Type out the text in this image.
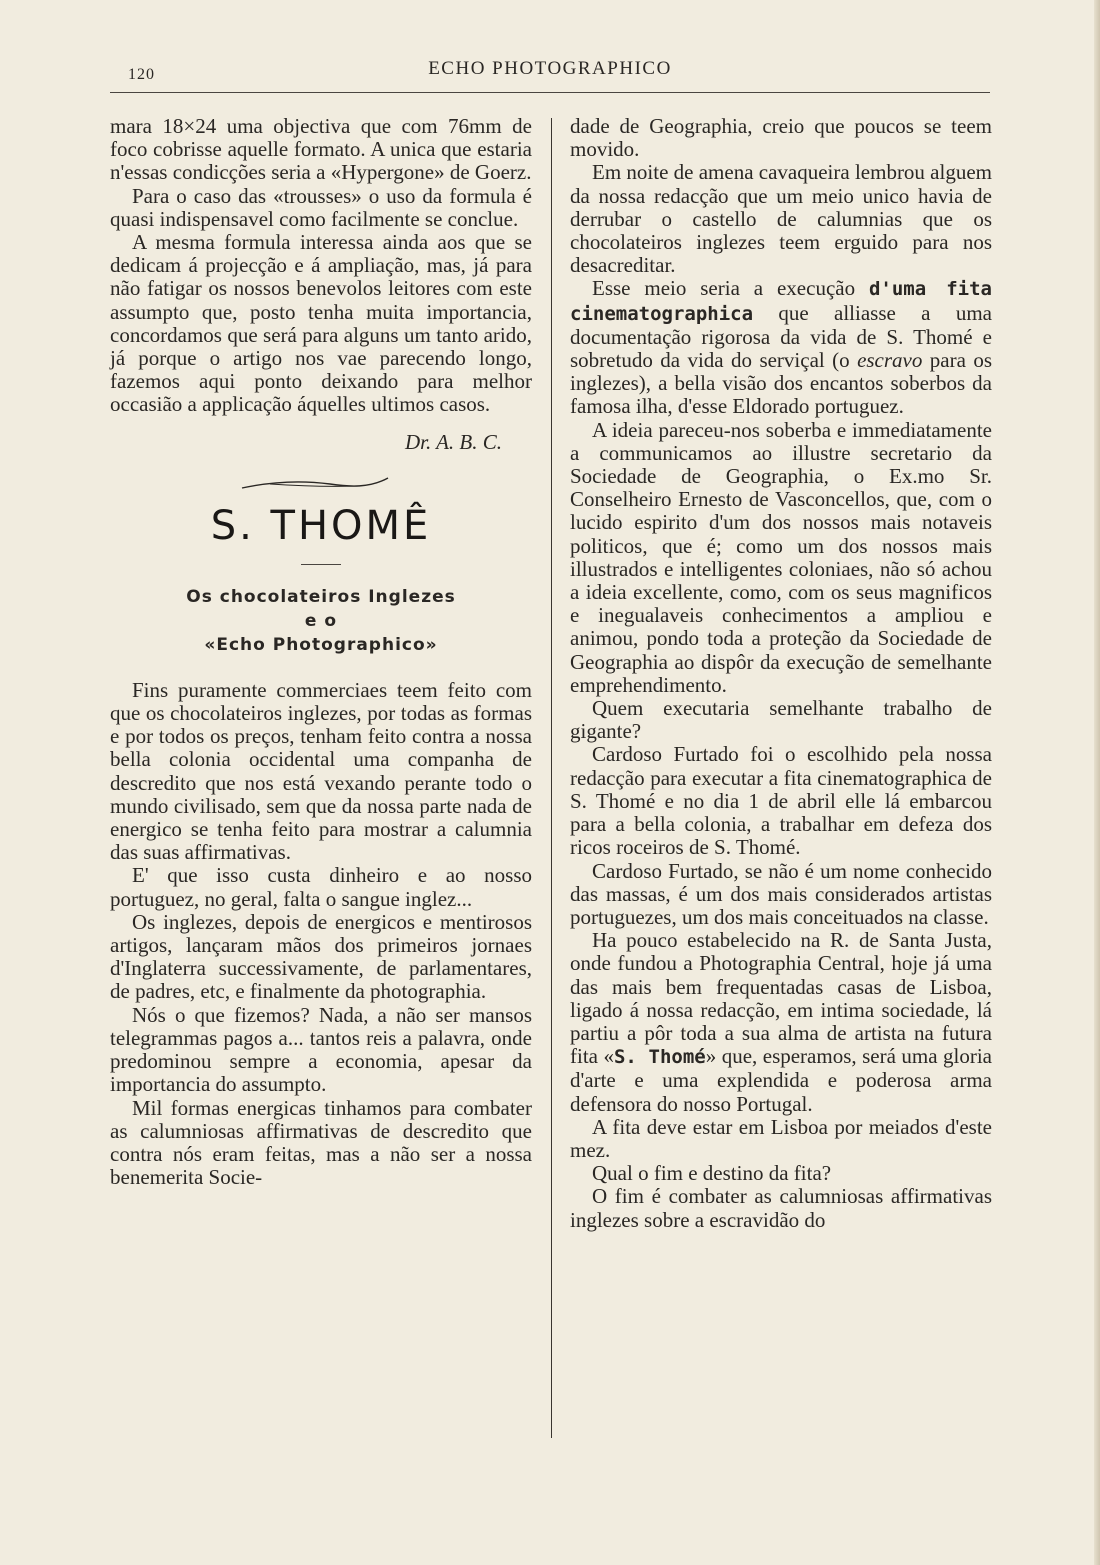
120	ECHO PHOTOGRAPHICO

mara 18×24 uma objectiva que com 76mm de foco cobrisse aquelle formato. A unica que estaria n'essas condicções seria a «Hypergone» de Goerz.

Para o caso das «trousses» o uso da formula é quasi indispensavel como facilmente se conclue.

A mesma formula interessa ainda aos que se dedicam á projecção e á ampliação, mas, já para não fatigar os nossos benevolos leitores com este assumpto que, posto tenha muita importancia, concordamos que será para alguns um tanto arido, já porque o artigo nos vae parecendo longo, fazemos aqui ponto deixando para melhor occasião a applicação áquelles ultimos casos.

Dr. A. B. C.

S. THOMÊ

Os chocolateiros Inglezes

e o

«Echo Photographico»

Fins puramente commerciaes teem feito com que os chocolateiros inglezes, por todas as formas e por todos os preços, tenham feito contra a nossa bella colonia occidental uma companha de descredito que nos está vexando perante todo o mundo civilisado, sem que da nossa parte nada de energico se tenha feito para mostrar a calumnia das suas affirmativas.

E' que isso custa dinheiro e ao nosso portuguez, no geral, falta o sangue inglez...

Os inglezes, depois de energicos e mentirosos artigos, lançaram mãos dos primeiros jornaes d'Inglaterra successivamente, de parlamentares, de padres, etc, e finalmente da photographia.

Nós o que fizemos? Nada, a não ser mansos telegrammas pagos a... tantos reis a palavra, onde predominou sempre a economia, apesar da importancia do assumpto.

Mil formas energicas tinhamos para combater as calumniosas affirmativas de descredito que contra nós eram feitas, mas a não ser a nossa benemerita Socie-

dade de Geographia, creio que poucos se teem movido.

Em noite de amena cavaqueira lembrou alguem da nossa redacção que um meio unico havia de derrubar o castello de calumnias que os chocolateiros inglezes teem erguido para nos desacreditar.

Esse meio seria a execução d'uma fita cinematographica que alliasse a uma documentação rigorosa da vida de S. Thomé e sobretudo da vida do serviçal (o escravo para os inglezes), a bella visão dos encantos soberbos da famosa ilha, d'esse Eldorado portuguez.

A ideia pareceu-nos soberba e immediatamente a communicamos ao illustre secretario da Sociedade de Geographia, o Ex.mo Sr. Conselheiro Ernesto de Vasconcellos, que, com o lucido espirito d'um dos nossos mais notaveis politicos, que é; como um dos nossos mais illustrados e intelligentes coloniaes, não só achou a ideia excellente, como, com os seus magnificos e inegualaveis conhecimentos a ampliou e animou, pondo toda a proteção da Sociedade de Geographia ao dispôr da execução de semelhante emprehendimento.

Quem executaria semelhante trabalho de gigante?

Cardoso Furtado foi o escolhido pela nossa redacção para executar a fita cinematographica de S. Thomé e no dia 1 de abril elle lá embarcou para a bella colonia, a trabalhar em defeza dos ricos roceiros de S. Thomé.

Cardoso Furtado, se não é um nome conhecido das massas, é um dos mais considerados artistas portuguezes, um dos mais conceituados na classe.

Ha pouco estabelecido na R. de Santa Justa, onde fundou a Photographia Central, hoje já uma das mais bem frequentadas casas de Lisboa, ligado á nossa redacção, em intima sociedade, lá partiu a pôr toda a sua alma de artista na futura fita «S. Thomé» que, esperamos, será uma gloria d'arte e uma explendida e poderosa arma defensora do nosso Portugal.

A fita deve estar em Lisboa por meiados d'este mez.

Qual o fim e destino da fita?

O fim é combater as calumniosas affirmativas inglezes sobre a escravidão do
